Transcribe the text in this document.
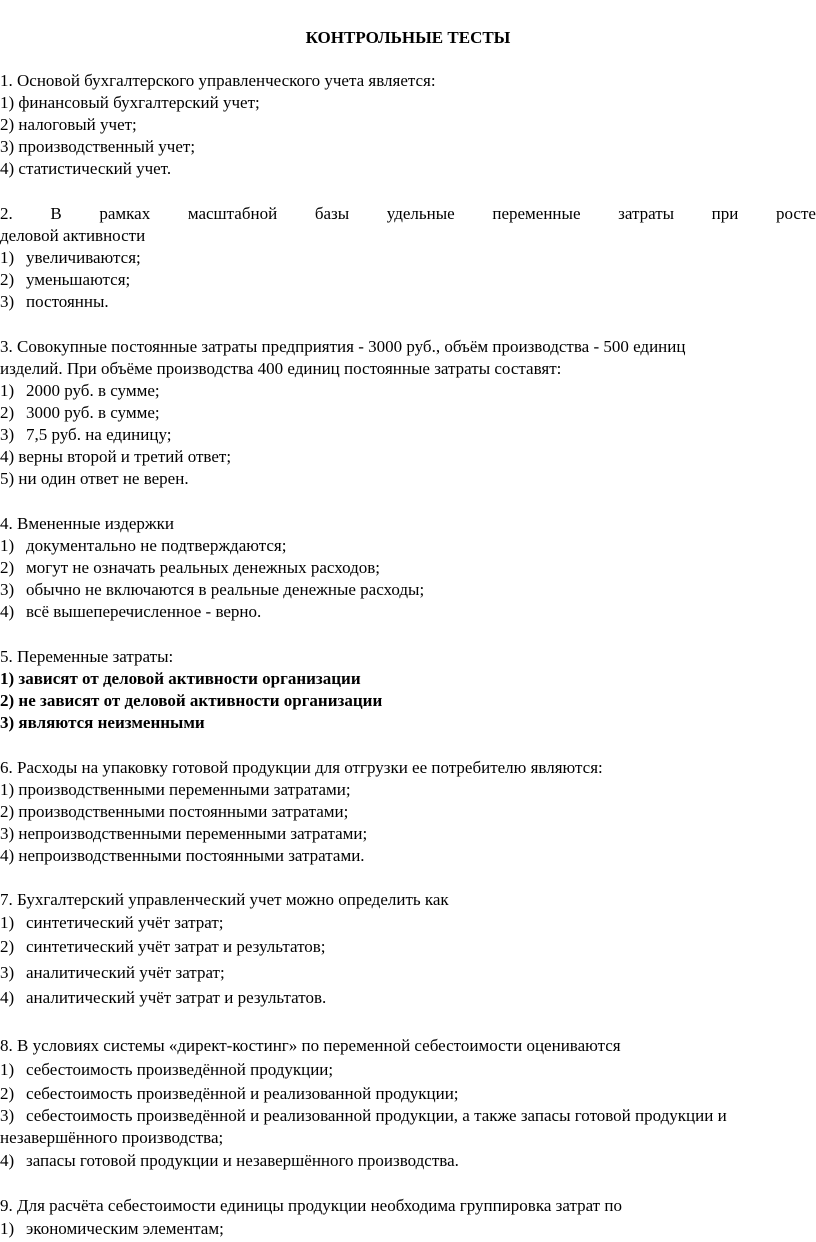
КОНТРОЛЬНЫЕ ТЕСТЫ
1. Основой бухгалтерского управленческого учета является:
1) финансовый бухгалтерский учет;
2) налоговый учет;
3) производственный учет;
4) статистический учет.
2. В рамках масштабной базы удельные переменные затраты при росте
деловой активности
1) увеличиваются;
2) уменьшаются;
3) постоянны.
3. Совокупные постоянные затраты предприятия - 3000 руб., объём производства - 500 единиц
изделий. При объёме производства 400 единиц постоянные затраты составят:
1) 2000 руб. в сумме;
2) 3000 руб. в сумме;
3) 7,5 руб. на единицу;
4) верны второй и третий ответ;
5) ни один ответ не верен.
4. Вмененные издержки
1) документально не подтверждаются;
2) могут не означать реальных денежных расходов;
3) обычно не включаются в реальные денежные расходы;
4) всё вышеперечисленное - верно.
5. Переменные затраты:
1) зависят от деловой активности организации
2) не зависят от деловой активности организации
3) являются неизменными
6. Расходы на упаковку готовой продукции для отгрузки ее потребителю являются:
1) производственными переменными затратами;
2) производственными постоянными затратами;
3) непроизводственными переменными затратами;
4) непроизводственными постоянными затратами.
7. Бухгалтерский управленческий учет можно определить как
1) синтетический учёт затрат;
2) синтетический учёт затрат и результатов;
3) аналитический учёт затрат;
4) аналитический учёт затрат и результатов.
8. В условиях системы «директ-костинг» по переменной себестоимости оцениваются
1) себестоимость произведённой продукции;
2) себестоимость произведённой и реализованной продукции;
3) себестоимость произведённой и реализованной продукции, а также запасы готовой продукции и
незавершённого производства;
4) запасы готовой продукции и незавершённого производства.
9. Для расчёта себестоимости единицы продукции необходима группировка затрат по
1) экономическим элементам;
